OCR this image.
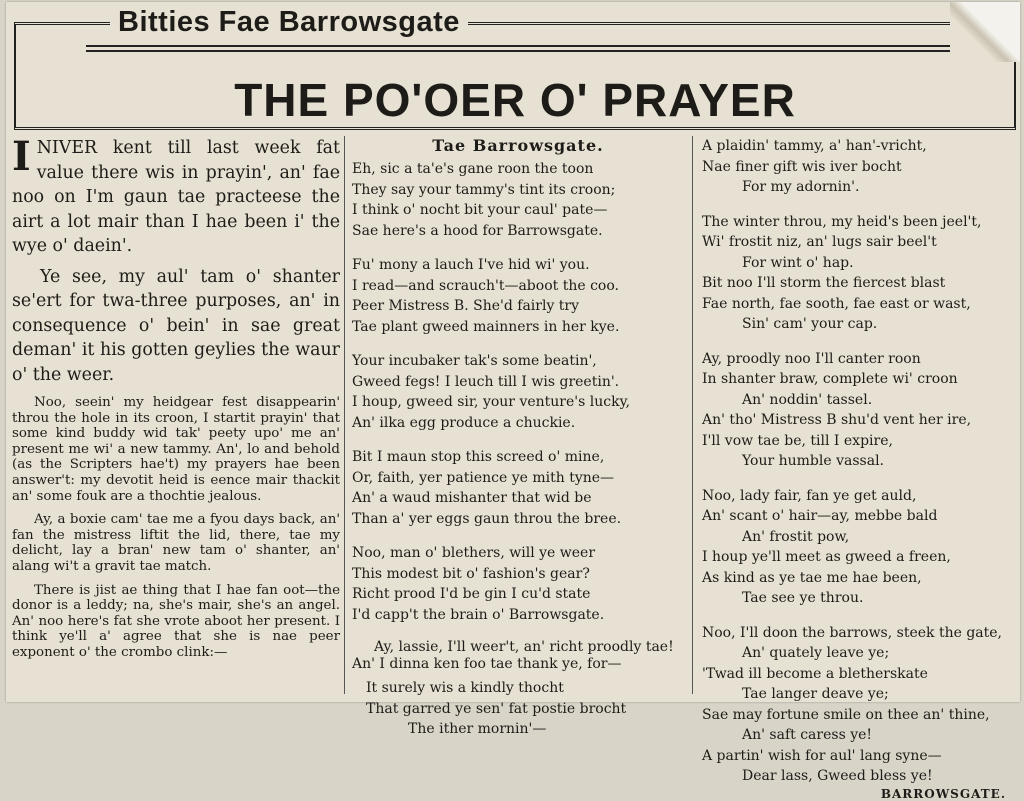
THE PO'OER O' PRAYER
Bitties Fae Barrowsgate

INIVER kent till last week fat value there wis in prayin', an' fae noo on I'm gaun tae practeese the airt a lot mair than I hae been i' the wye o' daein'.

Ye see, my aul' tam o' shanter se'ert for twa-three purposes, an' in consequence o' bein' in sae great deman' it his gotten geylies the waur o' the weer.

Noo, seein' my heidgear fest disappearin' throu the hole in its croon, I startit prayin' that some kind buddy wid tak' peety upo' me an' present me wi' a new tammy. An', lo and behold (as the Scripters hae't) my prayers hae been answer't: my devotit heid is eence mair thackit an' some fouk are a thochtie jealous.

Ay, a boxie cam' tae me a fyou days back, an' fan the mistress liftit the lid, there, tae my delicht, lay a bran' new tam o' shanter, an' alang wi't a gravit tae match.

There is jist ae thing that I hae fan oot—the donor is a leddy; na, she's mair, she's an angel. An' noo here's fat she vrote aboot her present. I think ye'll a' agree that she is nae peer exponent o' the crombo clink:—

Tae Barrowsgate.
Eh, sic a ta'e's gane roon the toon
They say your tammy's tint its croon;
I think o' nocht bit your caul' pate—
Sae here's a hood for Barrowsgate.
Fu' mony a lauch I've hid wi' you.
I read—and scrauch't—aboot the coo.
Peer Mistress B. She'd fairly try
Tae plant gweed mainners in her kye.
Your incubaker tak's some beatin',
Gweed fegs! I leuch till I wis greetin'.
I houp, gweed sir, your venture's lucky,
An' ilka egg produce a chuckie.
Bit I maun stop this screed o' mine,
Or, faith, yer patience ye mith tyne—
An' a waud mishanter that wid be
Than a' yer eggs gaun throu the bree.
Noo, man o' blethers, will ye weer
This modest bit o' fashion's gear?
Richt prood I'd be gin I cu'd state
I'd capp't the brain o' Barrowsgate.

Ay, lassie, I'll weer't, an' richt proodly tae! An' I dinna ken foo tae thank ye, for—

It surely wis a kindly thocht
That garred ye sen' fat postie brocht
The ither mornin'—
A plaidin' tammy, a' han'-vricht,
Nae finer gift wis iver bocht
For my adornin'.
The winter throu, my heid's been jeel't,
Wi' frostit niz, an' lugs sair beel't
For wint o' hap.
Bit noo I'll storm the fiercest blast
Fae north, fae sooth, fae east or wast,
Sin' cam' your cap.
Ay, proodly noo I'll canter roon
In shanter braw, complete wi' croon
An' noddin' tassel.
An' tho' Mistress B shu'd vent her ire,
I'll vow tae be, till I expire,
Your humble vassal.
Noo, lady fair, fan ye get auld,
An' scant o' hair—ay, mebbe bald
An' frostit pow,
I houp ye'll meet as gweed a freen,
As kind as ye tae me hae been,
Tae see ye throu.
Noo, I'll doon the barrows, steek the gate,
An' quately leave ye;
'Twad ill become a bletherskate
Tae langer deave ye;
Sae may fortune smile on thee an' thine,
An' saft caress ye!
A partin' wish for aul' lang syne—
Dear lass, Gweed bless ye!
BARROWSGATE.
